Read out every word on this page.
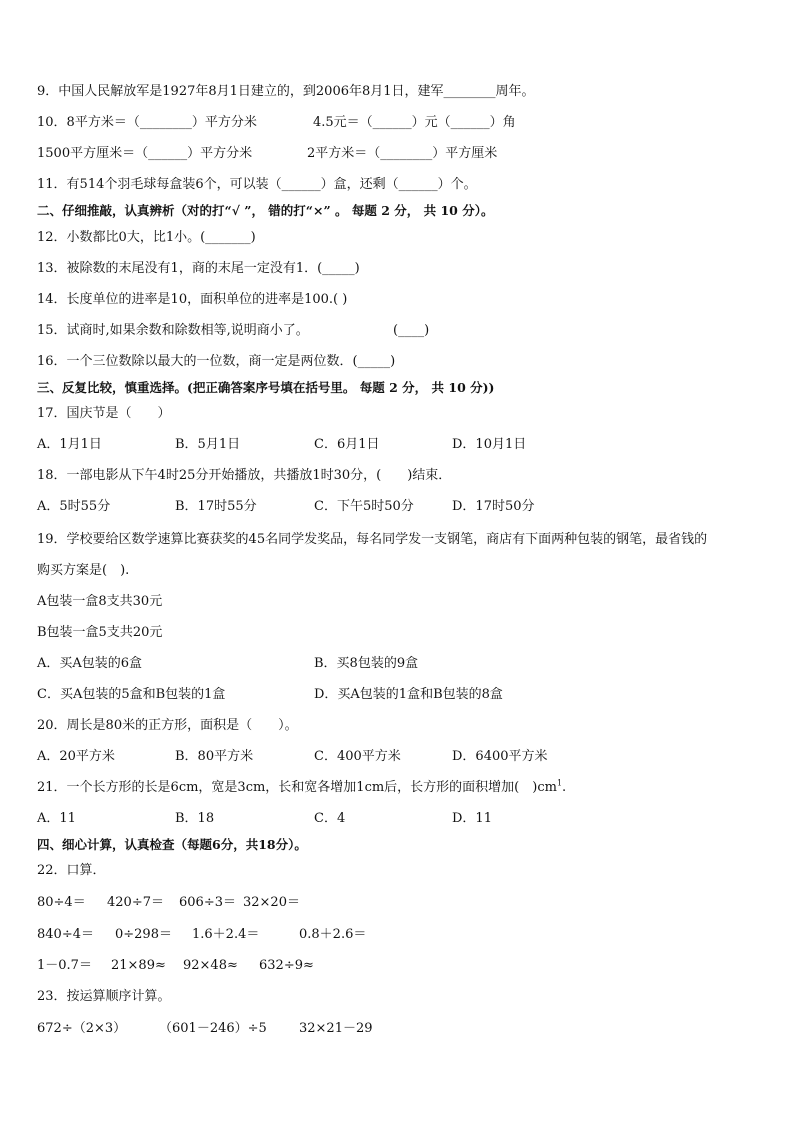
9．中国人民解放军是1927年8月1日建立的，到2006年8月1日，建军________周年。
10．8平方米＝（________）平方分米	4.5元＝（______）元（______）角
1500平方厘米＝（______）平方分米	2平方米＝（________）平方厘米
11．有514个羽毛球每盒装6个，可以装（______）盒，还剩（______）个。
二、仔细推敲，认真辨析（对的打“√ ”， 错的打“×” 。 每题 2 分， 共 10 分）。
12．小数都比0大，比1小。(_______)
13．被除数的末尾没有1，商的末尾一定没有1．(_____)
14．长度单位的进率是10，面积单位的进率是100.( )
15．试商时,如果余数和除数相等,说明商小了。	(____)
16．一个三位数除以最大的一位数，商一定是两位数．(_____)
三、反复比较，慎重选择。(把正确答案序号填在括号里。 每题 2 分， 共 10 分))
17．国庆节是（　　）
A．1月1日	B．5月1日	C．6月1日	D．10月1日
18．一部电影从下午4时25分开始播放，共播放1时30分，(　　)结束．
A．5时55分	B．17时55分	C．下午5时50分	D．17时50分
19．学校要给区数学速算比赛获奖的45名同学发奖品，每名同学发一支钢笔，商店有下面两种包装的钢笔，最省钱的
购买方案是(　).
A包装一盒8支共30元
B包装一盒5支共20元
A．买A包装的6盒	B．买8包装的9盒
C．买A包装的5盒和B包装的1盒	D．买A包装的1盒和B包装的8盒
20．周长是80米的正方形，面积是（　　）。
A．20平方米	B．80平方米	C．400平方米	D．6400平方米
21．一个长方形的长是6cm，宽是3cm，长和宽各增加1cm后，长方形的面积增加(　)$cm^1$.
A．11	B．18	C．4	D．11
四、细心计算，认真检查（每题6分，共18分）。
22．口算．
80÷4＝ 420÷7＝ 606÷3＝ 32×20＝
840÷4＝ 0÷298＝ 1.6＋2.4＝	0.8＋2.6＝
1－0.7＝ 21×89≈ 92×48≈ 632÷9≈
23．按运算顺序计算。
672÷（2×3）	（601－246）÷5 32×21－29
